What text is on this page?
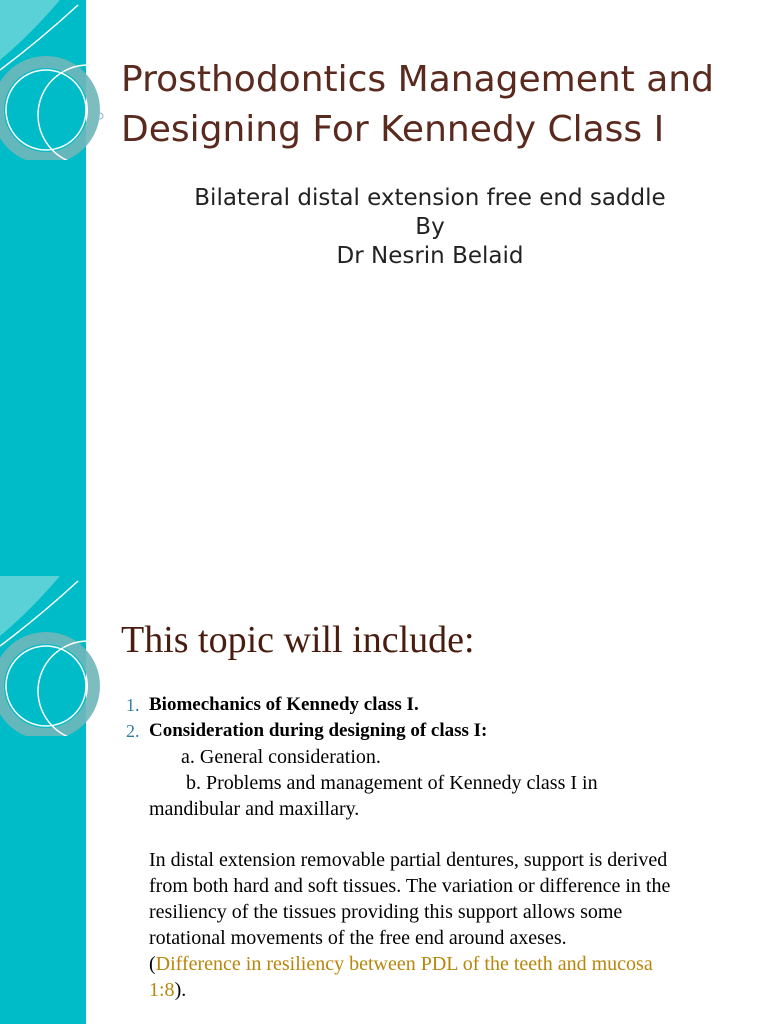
Prosthodontics Management and Designing For Kennedy Class I
Bilateral distal extension free end saddle
By
Dr Nesrin Belaid
This topic will include:
1. Biomechanics of Kennedy class I.
2. Consideration during designing of class I:
a. General consideration.
b. Problems and management of Kennedy class I in
mandibular and maxillary.
In distal extension removable partial dentures, support is derived
from both hard and soft tissues. The variation or difference in the
resiliency of the tissues providing this support allows some
rotational movements of the free end around axeses.
(Difference in resiliency between PDL of the teeth and mucosa
1:8).
